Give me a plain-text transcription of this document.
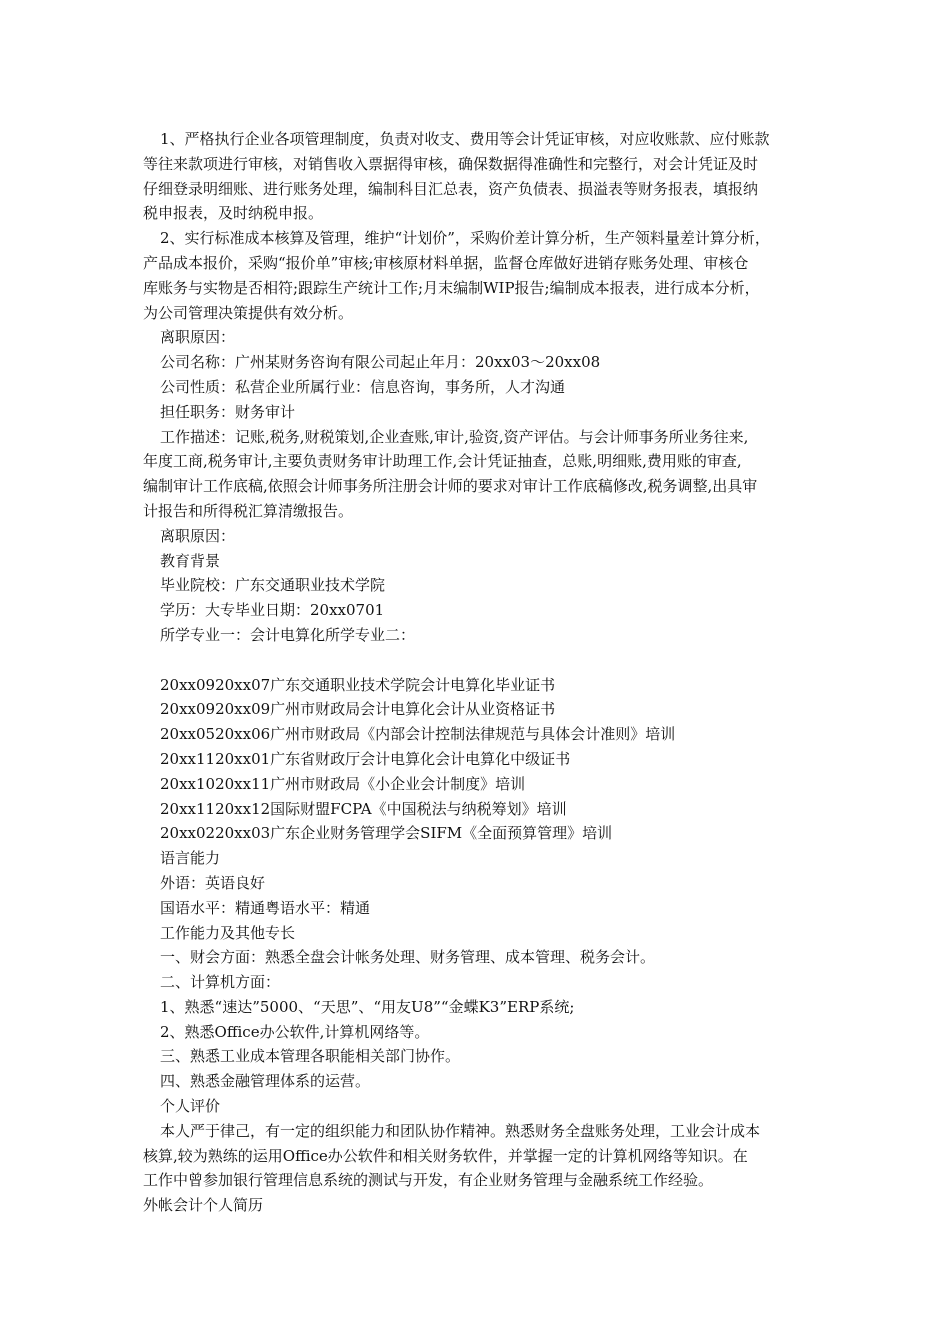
1、严格执行企业各项管理制度，负责对收支、费用等会计凭证审核，对应收账款、应付账款
等往来款项进行审核，对销售收入票据得审核，确保数据得准确性和完整行，对会计凭证及时
仔细登录明细账、进行账务处理，编制科目汇总表，资产负债表、损溢表等财务报表，填报纳
税申报表，及时纳税申报。
2、实行标准成本核算及管理，维护“计划价”，采购价差计算分析，生产领料量差计算分析，
产品成本报价，采购“报价单”审核;审核原材料单据，监督仓库做好进销存账务处理、审核仓
库账务与实物是否相符;跟踪生产统计工作;月末编制WIP报告;编制成本报表，进行成本分析，
为公司管理决策提供有效分析。
离职原因：
公司名称：广州某财务咨询有限公司起止年月：20xx03～20xx08
公司性质：私营企业所属行业：信息咨询，事务所，人才沟通
担任职务：财务审计
工作描述：记账,税务,财税策划,企业查账,审计,验资,资产评估。与会计师事务所业务往来,
年度工商,税务审计,主要负责财务审计助理工作,会计凭证抽查，总账,明细账,费用账的审查,
编制审计工作底稿,依照会计师事务所注册会计师的要求对审计工作底稿修改,税务调整,出具审
计报告和所得税汇算清缴报告。
离职原因：
教育背景
毕业院校：广东交通职业技术学院
学历：大专毕业日期：20xx0701
所学专业一：会计电算化所学专业二：
20xx0920xx07广东交通职业技术学院会计电算化毕业证书
20xx0920xx09广州市财政局会计电算化会计从业资格证书
20xx0520xx06广州市财政局《内部会计控制法律规范与具体会计准则》培训
20xx1120xx01广东省财政厅会计电算化会计电算化中级证书
20xx1020xx11广州市财政局《小企业会计制度》培训
20xx1120xx12国际财盟FCPA《中国税法与纳税筹划》培训
20xx0220xx03广东企业财务管理学会SIFM《全面预算管理》培训
语言能力
外语：英语良好
国语水平：精通粤语水平：精通
工作能力及其他专长
一、财会方面：熟悉全盘会计帐务处理、财务管理、成本管理、税务会计。
二、计算机方面：
1、熟悉“速达”5000、“天思”、“用友U8”“金蝶K3”ERP系统;
2、熟悉Office办公软件,计算机网络等。
三、熟悉工业成本管理各职能相关部门协作。
四、熟悉金融管理体系的运营。
个人评价
本人严于律己，有一定的组织能力和团队协作精神。熟悉财务全盘账务处理，工业会计成本
核算,较为熟练的运用Office办公软件和相关财务软件，并掌握一定的计算机网络等知识。在
工作中曾参加银行管理信息系统的测试与开发，有企业财务管理与金融系统工作经验。
外帐会计个人简历
